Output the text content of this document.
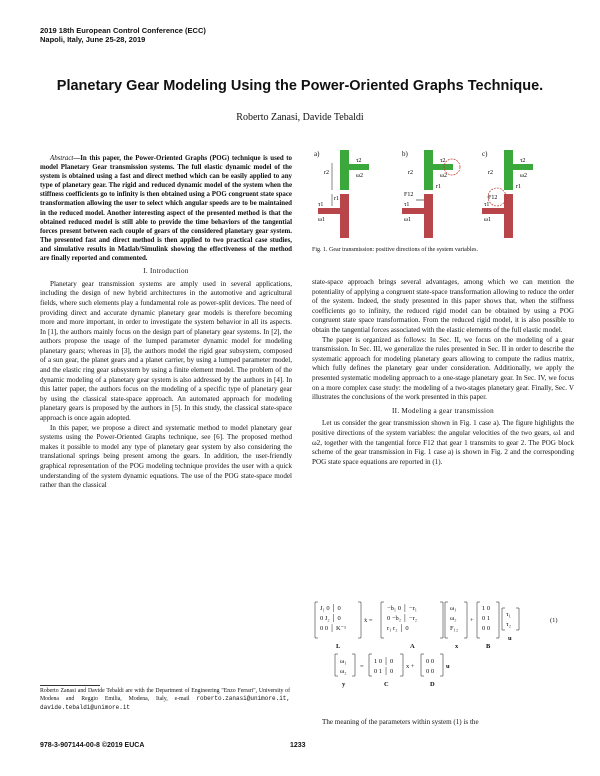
2019 18th European Control Conference (ECC)
Napoli, Italy, June 25-28, 2019
Planetary Gear Modeling Using the Power-Oriented Graphs Technique.
Roberto Zanasi, Davide Tebaldi
Abstract—In this paper, the Power-Oriented Graphs (POG) technique is used to model Planetary Gear transmission systems. The full elastic dynamic model of the system is obtained using a fast and direct method which can be easily applied to any type of planetary gear. The rigid and reduced dynamic model of the system when the stiffness coefficients go to infinity is then obtained using a POG congruent state space transformation allowing the user to select which angular speeds are to be maintained in the reduced model. Another interesting aspect of the presented method is that the obtained reduced model is still able to provide the time behaviors of the tangential forces present between each couple of gears of the considered planetary gear system. The presented fast and direct method is then applied to two practical case studies, and simulative results in Matlab/Simulink showing the effectiveness of the method are finally reported and commented.
I. Introduction

Planetary gear transmission systems are amply used in several applications, including the design of new hybrid architectures in the automotive and agricultural fields, where such elements play a fundamental role as power-split devices. The need of providing direct and accurate dynamic planetary gear models is therefore becoming more and more important, in order to investigate the system behavior in all its aspects. In [1], the authors mainly focus on the design part of planetary gear systems. In [2], the authors propose the usage of the lumped parameter dynamic model for modeling planetary gears; whereas in [3], the authors model the rigid gear subsystem, composed of a sun gear, the planet gears and a planet carrier, by using a lumped parameter model, and the elastic ring gear subsystem by using a finite element model. The problem of the dynamic modeling of a planetary gear system is also addressed by the authors in [4]. In this latter paper, the authors focus on the modeling of a specific type of planetary gear by using the classical state-space approach. An automated approach for modeling planetary gears is proposed by the authors in [5]. In this study, the classical state-space approach is once again adopted.

In this paper, we propose a direct and systematic method to model planetary gear systems using the Power-Oriented Graphs technique, see [6]. The proposed method makes it possible to model any type of planetary gear system by also considering the translational springs being present among the gears. In addition, the user-friendly graphical representation of the POG modeling technique provides the user with a quick understanding of the system dynamic equations. The use of the POG state-space model rather than the classical

Roberto Zanasi and Davide Tebaldi are with the Department of Engineering "Enzo Ferrari", University of Modena and Reggio Emilia, Modena, Italy, e-mail roberto.zanasi@unimore.it, davide.tebaldi@unimore.it
a)	b)	c)
r2
r1
τ2
ω2
τ1
ω1
F12
r2
r1
τ2
ω2
τ1
ω1
F12
r2
r1
τ2
ω2
τ1
ω1
Fig. 1. Gear transmission: positive directions of the system variables.

state-space approach brings several advantages, among which we can mention the potentiality of applying a congruent state-space transformation allowing to reduce the order of the system. Indeed, the study presented in this paper shows that, when the stiffness coefficients go to infinity, the reduced rigid model can be obtained by using a POG congruent state space transformation. From the reduced rigid model, it is also possible to obtain the tangential forces associated with the elastic elements of the full elastic model.

The paper is organized as follows: In Sec. II, we focus on the modeling of a gear transmission. In Sec. III, we generalize the rules presented in Sec. II in order to describe the systematic approach for modeling planetary gears allowing to compute the radius matrix, which fully defines the planetary gear under consideration. Additionally, we apply the presented systematic modeling approach to a one-stage planetary gear. In Sec. IV, we focus on a more complex case study: the modeling of a two-stages planetary gear. Finally, Sec. V illustrates the conclusions of the work presented in this paper.

II. Modeling a gear transmission

Let us consider the gear transmission shown in Fig. 1 case a). The figure highlights the positive directions of the system variables: the angular velocities of the two gears, ω1 and ω2, together with the tangential force F12 that gear 1 transmits to gear 2. The POG block scheme of the gear transmission in Fig. 1 case a) is shown in Fig. 2 and the corresponding POG state space equations are reported in (1).

J₁ 0 │ 0
0 J₂ │ 0
0 0 │ K⁻¹
L
ẋ =
−b₁ 0 │ −r₁
0 −b₂ │ −r₂
r₁ r₂ │ 0
A
ω₁
ω₂
F₁₂
x
+
1 0
0 1
0 0
B
τ₁
τ₂
u
(1)
ω₁
ω₂
y
=
1 0 │ 0
0 1 │ 0
C
x +
0 0
0 0
D
u

The meaning of the parameters within system (1) is the

978-3-907144-00-8 ©2019 EUCA	1233
